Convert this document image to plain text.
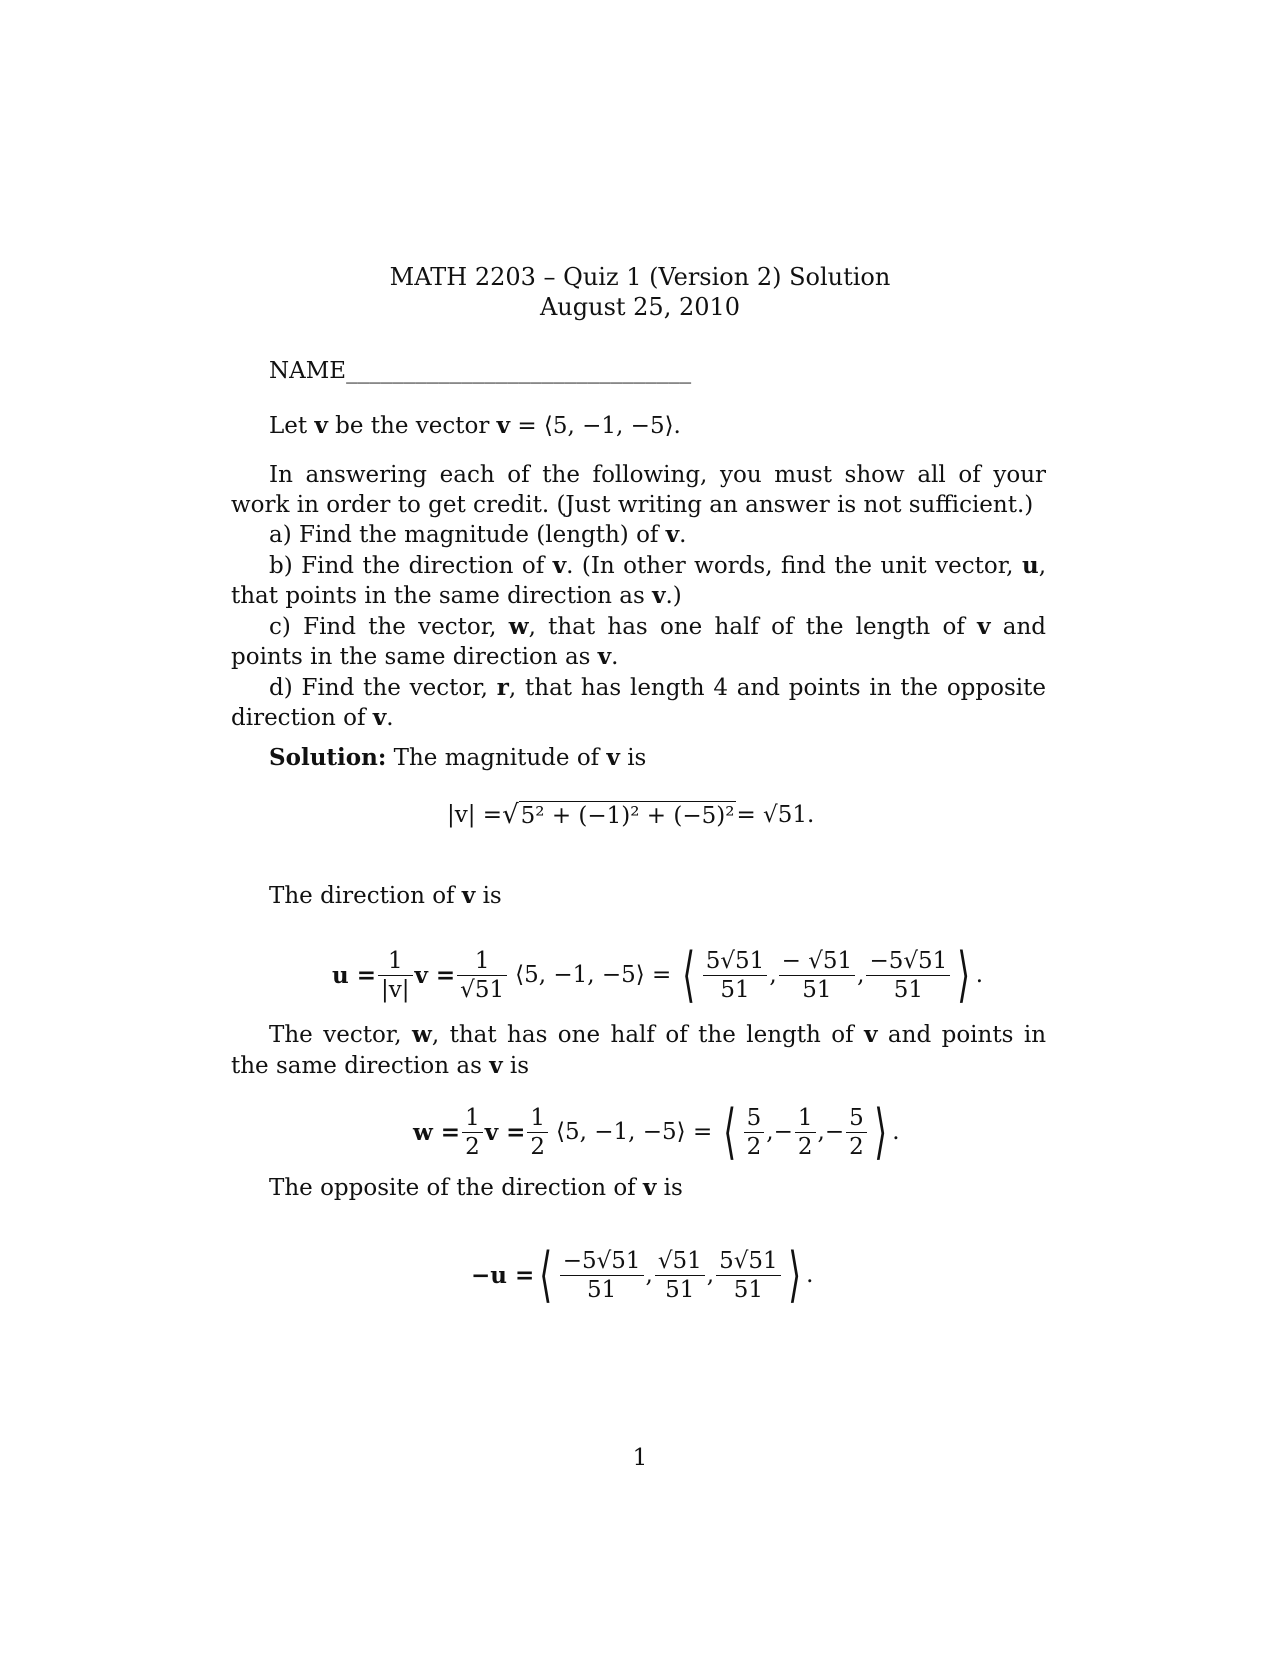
MATH 2203 – Quiz 1 (Version 2) Solution
August 25, 2010
NAME______________________________
Let v be the vector v = ⟨5, −1, −5⟩.

In answering each of the following, you must show all of your work in order to get credit. (Just writing an answer is not sufficient.)

a) Find the magnitude (length) of v.

b) Find the direction of v. (In other words, find the unit vector, u, that points in the same direction as v.)

c) Find the vector, w, that has one half of the length of v and points in the same direction as v.

d) Find the vector, r, that has length 4 and points in the opposite direction of v.

Solution: The magnitude of v is
|v| = √ 5² + (−1)² + (−5)² = √51.
The direction of v is
$u = \frac{1}{|v|}$ $v = \frac{1}{√51}$ ⟨5, −1, −5⟩ = ⟨ $\frac{5√51}{51}$ , $\frac{- √51}{51}$ , $\frac{-5√51}{51}$ ⟩ .

The vector, w, that has one half of the length of v and points in the same direction as v is

$w = \frac{1}{2}$ $v = \frac{1}{2}$ ⟨5, −1, −5⟩ = ⟨ $\frac{5}{2}$ , − $\frac{1}{2}$ , − $\frac{5}{2}$ ⟩ .
The opposite of the direction of v is
−u = ⟨ $\frac{-5√51}{51}$ , $\frac{√51}{51}$ , $\frac{5√51}{51}$ ⟩ .
1
